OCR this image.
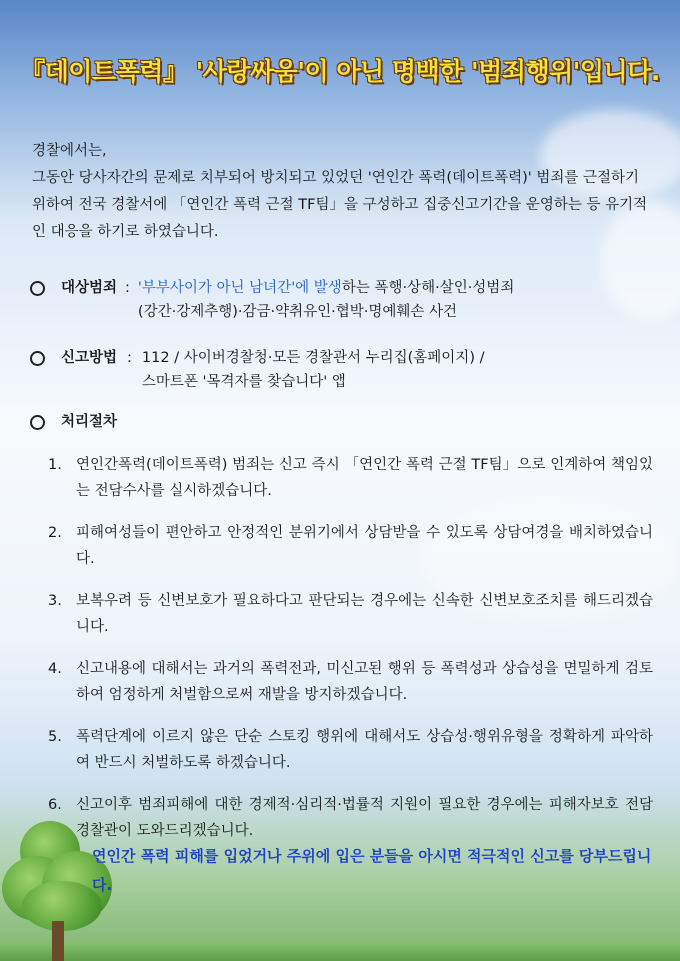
『데이트폭력』 '사랑싸움'이 아닌 명백한 '범죄행위'입니다.

경찰에서는,

그동안 당사자간의 문제로 치부되어 방치되고 있었던 '연인간 폭력(데이트폭력)' 범죄를 근절하기 위하여 전국 경찰서에 「연인간 폭력 근절 TF팀」을 구성하고 집중신고기간을 운영하는 등 유기적인 대응을 하기로 하였습니다.

대상범죄 : '부부사이가 아닌 남녀간'에 발생하는 폭행·상해·살인·성범죄
(강간·강제추행)·감금·약취유인·협박·명예훼손 사건
신고방법 : 112 / 사이버경찰청·모든 경찰관서 누리집(홈페이지) /
스마트폰 '목격자를 찾습니다' 앱
처리절차
1. 연인간폭력(데이트폭력) 범죄는 신고 즉시 「연인간 폭력 근절 TF팀」으로 인계하여 책임있는 전담수사를 실시하겠습니다.
2. 피해여성들이 편안하고 안정적인 분위기에서 상담받을 수 있도록 상담여경을 배치하였습니다.
3. 보복우려 등 신변보호가 필요하다고 판단되는 경우에는 신속한 신변보호조치를 해드리겠습니다.
4. 신고내용에 대해서는 과거의 폭력전과, 미신고된 행위 등 폭력성과 상습성을 면밀하게 검토하여 엄정하게 처벌함으로써 재발을 방지하겠습니다.
5. 폭력단계에 이르지 않은 단순 스토킹 행위에 대해서도 상습성·행위유형을 정확하게 파악하여 반드시 처벌하도록 하겠습니다.
6. 신고이후 범죄피해에 대한 경제적·심리적·법률적 지원이 필요한 경우에는 피해자보호 전담경찰관이 도와드리겠습니다.
연인간 폭력 피해를 입었거나 주위에 입은 분들을 아시면 적극적인 신고를 당부드립니다.
